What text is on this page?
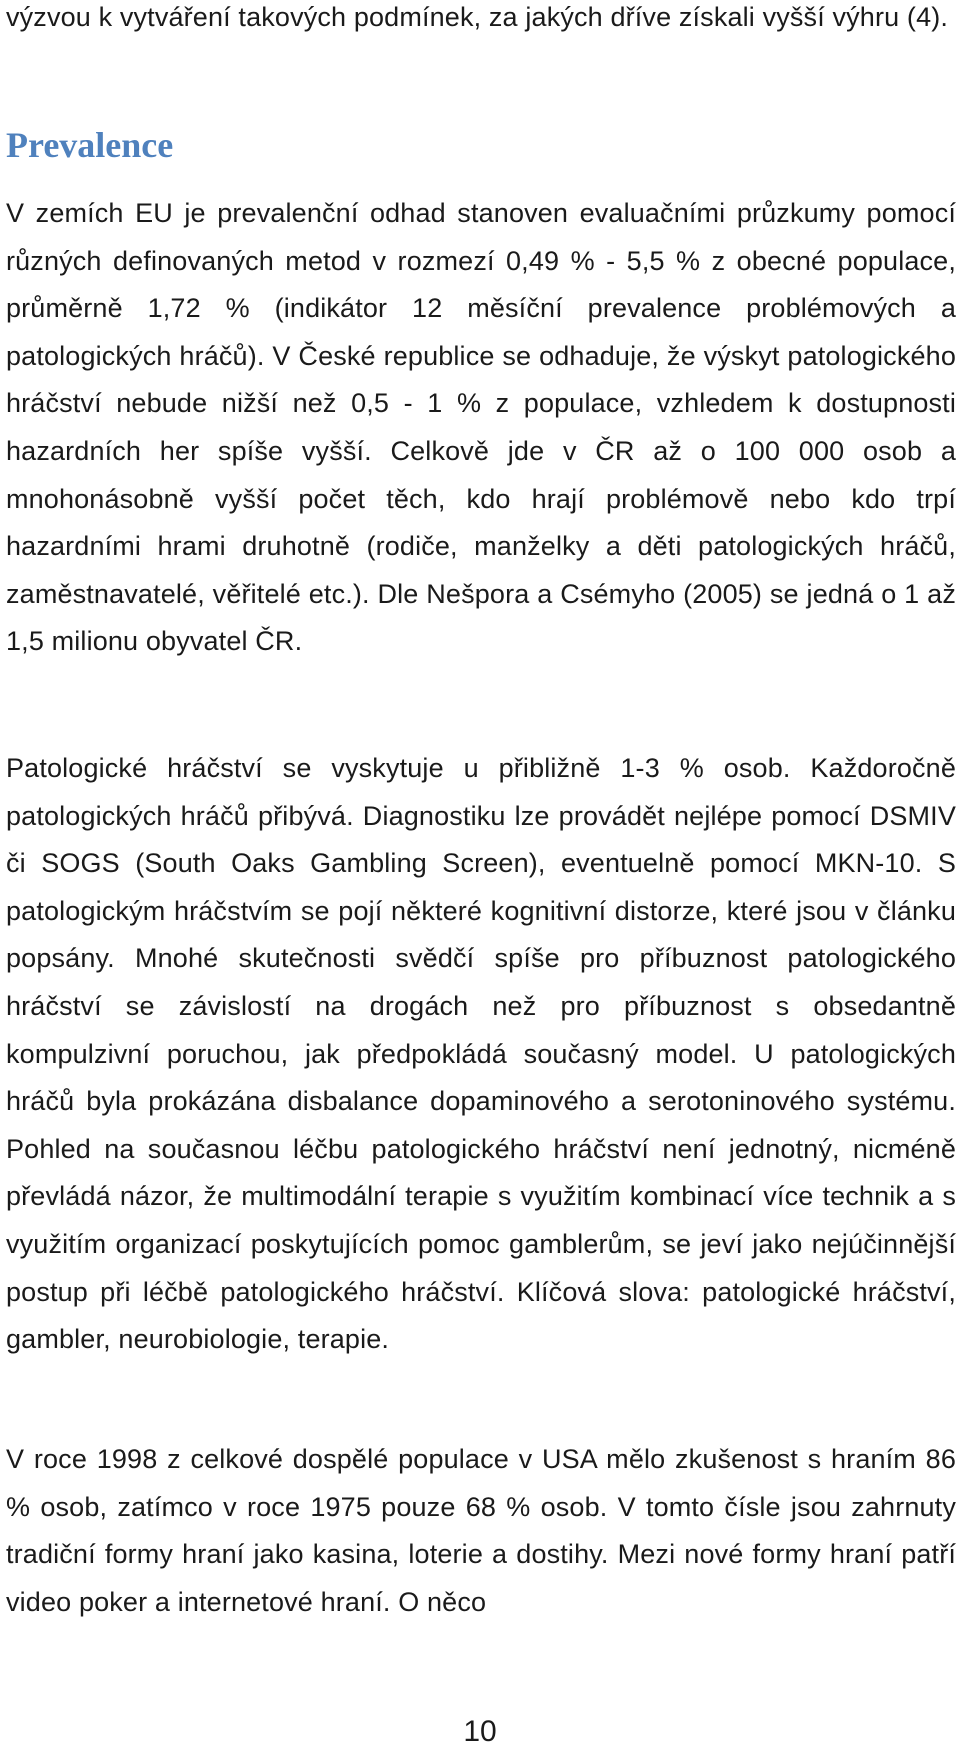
výzvou k vytváření takových podmínek, za jakých dříve získali vyšší výhru (4).

Prevalence

V zemích EU je prevalenční odhad stanoven evaluačními průzkumy pomocí různých definovaných metod v rozmezí 0,49 % - 5,5 % z obecné populace, průměrně 1,72 % (indikátor 12 měsíční prevalence problémových a patologických hráčů). V České republice se odhaduje, že výskyt patologického hráčství nebude nižší než 0,5 - 1 % z populace, vzhledem k dostupnosti hazardních her spíše vyšší. Celkově jde v ČR až o 100 000 osob a mnohonásobně vyšší počet těch, kdo hrají problémově nebo kdo trpí hazardními hrami druhotně (rodiče, manželky a děti patologických hráčů, zaměstnavatelé, věřitelé etc.). Dle Nešpora a Csémyho (2005) se jedná o 1 až 1,5 milionu obyvatel ČR.

Patologické hráčství se vyskytuje u přibližně 1-3 % osob. Každoročně patologických hráčů přibývá. Diagnostiku lze provádět nejlépe pomocí DSMIV či SOGS (South Oaks Gambling Screen), eventuelně pomocí MKN-10. S patologickým hráčstvím se pojí některé kognitivní distorze, které jsou v článku popsány. Mnohé skutečnosti svědčí spíše pro příbuznost patologického hráčství se závislostí na drogách než pro příbuznost s obsedantně kompulzivní poruchou, jak předpokládá současný model. U patologických hráčů byla prokázána disbalance dopaminového a serotoninového systému. Pohled na současnou léčbu patologického hráčství není jednotný, nicméně převládá názor, že multimodální terapie s využitím kombinací více technik a s využitím organizací poskytujících pomoc gamblerům, se jeví jako nejúčinnější postup při léčbě patologického hráčství. Klíčová slova: patologické hráčství, gambler, neurobiologie, terapie.

V roce 1998 z celkové dospělé populace v USA mělo zkušenost s hraním 86 % osob, zatímco v roce 1975 pouze 68 % osob. V tomto čísle jsou zahrnuty tradiční formy hraní jako kasina, loterie a dostihy. Mezi nové formy hraní patří video poker a internetové hraní. O něco

10
